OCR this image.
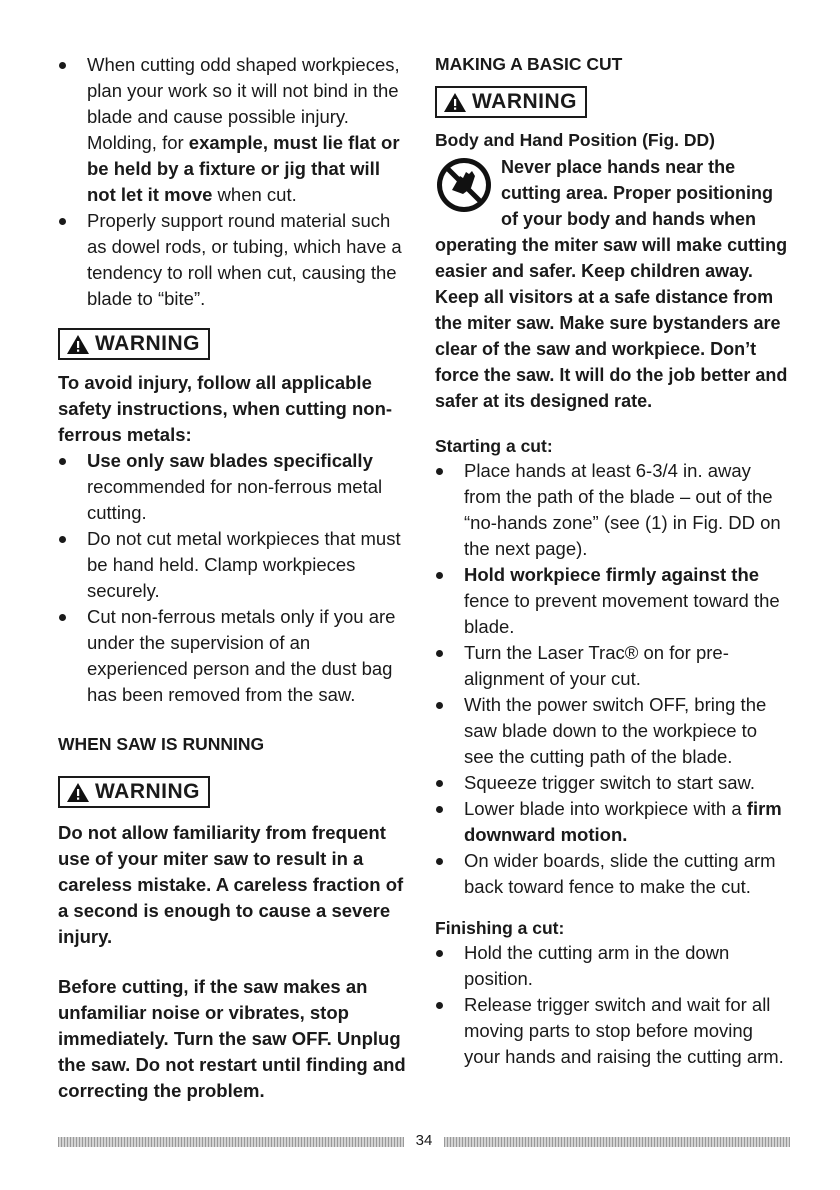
When cutting odd shaped workpieces, plan your work so it will not bind in the blade and cause possible injury. Molding, for example, must lie flat or be held by a fixture or jig that will not let it move when cut.
Properly support round material such as dowel rods, or tubing, which have a tendency to roll when cut, causing the blade to “bite”.
WARNING

To avoid injury, follow all applicable safety instructions, when cutting non-ferrous metals:

Use only saw blades specifically recommended for non-ferrous metal cutting.
Do not cut metal workpieces that must be hand held. Clamp workpieces securely.
Cut non-ferrous metals only if you are under the supervision of an experienced person and the dust bag has been removed from the saw.

WHEN SAW IS RUNNING

WARNING

Do not allow familiarity from frequent use of your miter saw to result in a careless mistake. A careless fraction of a second is enough to cause a severe injury.

Before cutting, if the saw makes an unfamiliar noise or vibrates, stop immediately. Turn the saw OFF. Unplug the saw. Do not restart until finding and correcting the problem.

MAKING A BASIC CUT

WARNING

Body and Hand Position (Fig. DD)

Never place hands near the cutting area. Proper positioning of your body and hands when operating the miter saw will make cutting easier and safer. Keep children away. Keep all visitors at a safe distance from the miter saw. Make sure bystanders are clear of the saw and workpiece. Don’t force the saw. It will do the job better and safer at its designed rate.

Starting a cut:

Place hands at least 6-3/4 in. away from the path of the blade – out of the “no-hands zone” (see (1) in Fig. DD on the next page).
Hold workpiece firmly against the fence to prevent movement toward the blade.
Turn the Laser Trac® on for pre-alignment of your cut.
With the power switch OFF, bring the saw blade down to the workpiece to see the cutting path of the blade.
Squeeze trigger switch to start saw.
Lower blade into workpiece with a firm downward motion.
On wider boards, slide the cutting arm back toward fence to make the cut.

Finishing a cut:

Hold the cutting arm in the down position.
Release trigger switch and wait for all moving parts to stop before moving your hands and raising the cutting arm.
34
